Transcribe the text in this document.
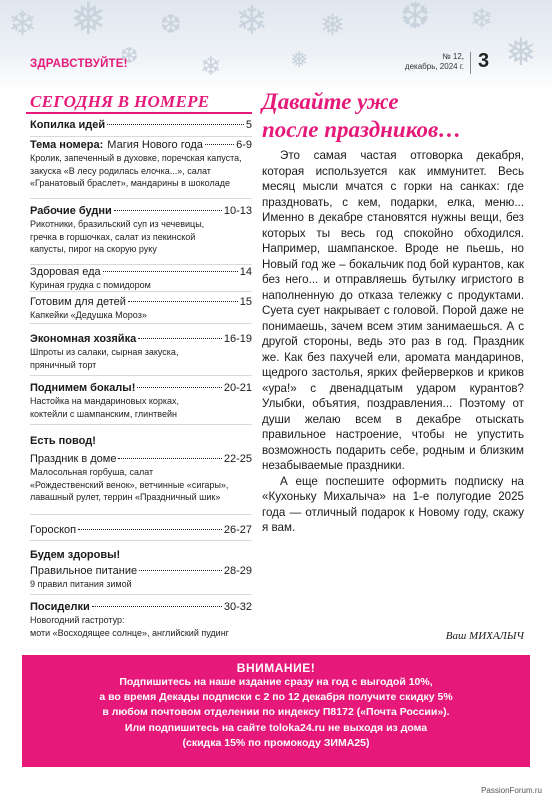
❄ ❅ ❆ ❄ ❅ ❆ ❄
❅
❆ ❄	❅
ЗДРАВСТВУЙТЕ!
№ 12,
декабрь, 2024 г. 3
СЕГОДНЯ В НОМЕРЕ
Копилка идей	5
Тема номера: Магия Нового года	6-9
Кролик, запеченный в духовке, поречская капуста,
закуска «В лесу родилась елочка...», салат
«Гранатовый браслет», мандарины в шоколаде
Рабочие будни	10-13
Рикотники, бразильский суп из чечевицы,
гречка в горшочках, салат из пекинской
капусты, пирог на скорую руку
Здоровая еда	14
Куриная грудка с помидором
Готовим для детей	15
Капкейки «Дедушка Мороз»
Экономная хозяйка	16-19
Шпроты из салаки, сырная закуска,
пряничный торт
Поднимем бокалы!	20-21
Настойка на мандариновых корках,
коктейли с шампанским, глинтвейн
Есть повод!
Праздник в доме	22-25
Малосольная горбуша, салат
«Рождественский венок», ветчинные «сигары»,
лавашный рулет, террин «Праздничный шик»
Гороскоп	26-27
Будем здоровы!
Правильное питание	28-29
9 правил питания зимой
Посиделки	30-32
Новогодний гастротур:
моти «Восходящее солнце», английский пудинг
Давайте уже
после праздников…

Это самая частая отговорка декабря, которая используется как иммунитет. Весь месяц мысли мчатся с горки на санках: где праздновать, с кем, подарки, елка, меню... Именно в декабре становятся нужны вещи, без которых ты весь год спокойно обходился. Например, шампанское. Вроде не пьешь, но Новый год же – бокальчик под бой курантов, как без него... и отправляешь бутылку игристого в наполненную до отказа тележку с продуктами. Суета сует накрывает с головой. Порой даже не понимаешь, зачем всем этим занимаешься. А с другой стороны, ведь это раз в год. Праздник же. Как без пахучей ели, аромата мандаринов, щедрого застолья, ярких фейерверков и криков «ура!» с двенадцатым ударом курантов? Улыбки, объятия, поздравления... Поэтому от души желаю всем в декабре отыскать правильное настроение, чтобы не упустить возможность подарить себе, родным и близким незабываемые праздники.

А еще поспешите оформить подписку на «Кухоньку Михалыча» на 1-е полугодие 2025 года — отличный подарок к Новому году, скажу я вам.

Ваш МИХАЛЫЧ
ВНИМАНИЕ!
Подпишитесь на наше издание сразу на год с выгодой 10%,
а во время Декады подписки с 2 по 12 декабря получите скидку 5%
в любом почтовом отделении по индексу П8172 («Почта России»).
Или подпишитесь на сайте toloka24.ru не выходя из дома
(скидка 15% по промокоду ЗИМА25)
PassionForum.ru
